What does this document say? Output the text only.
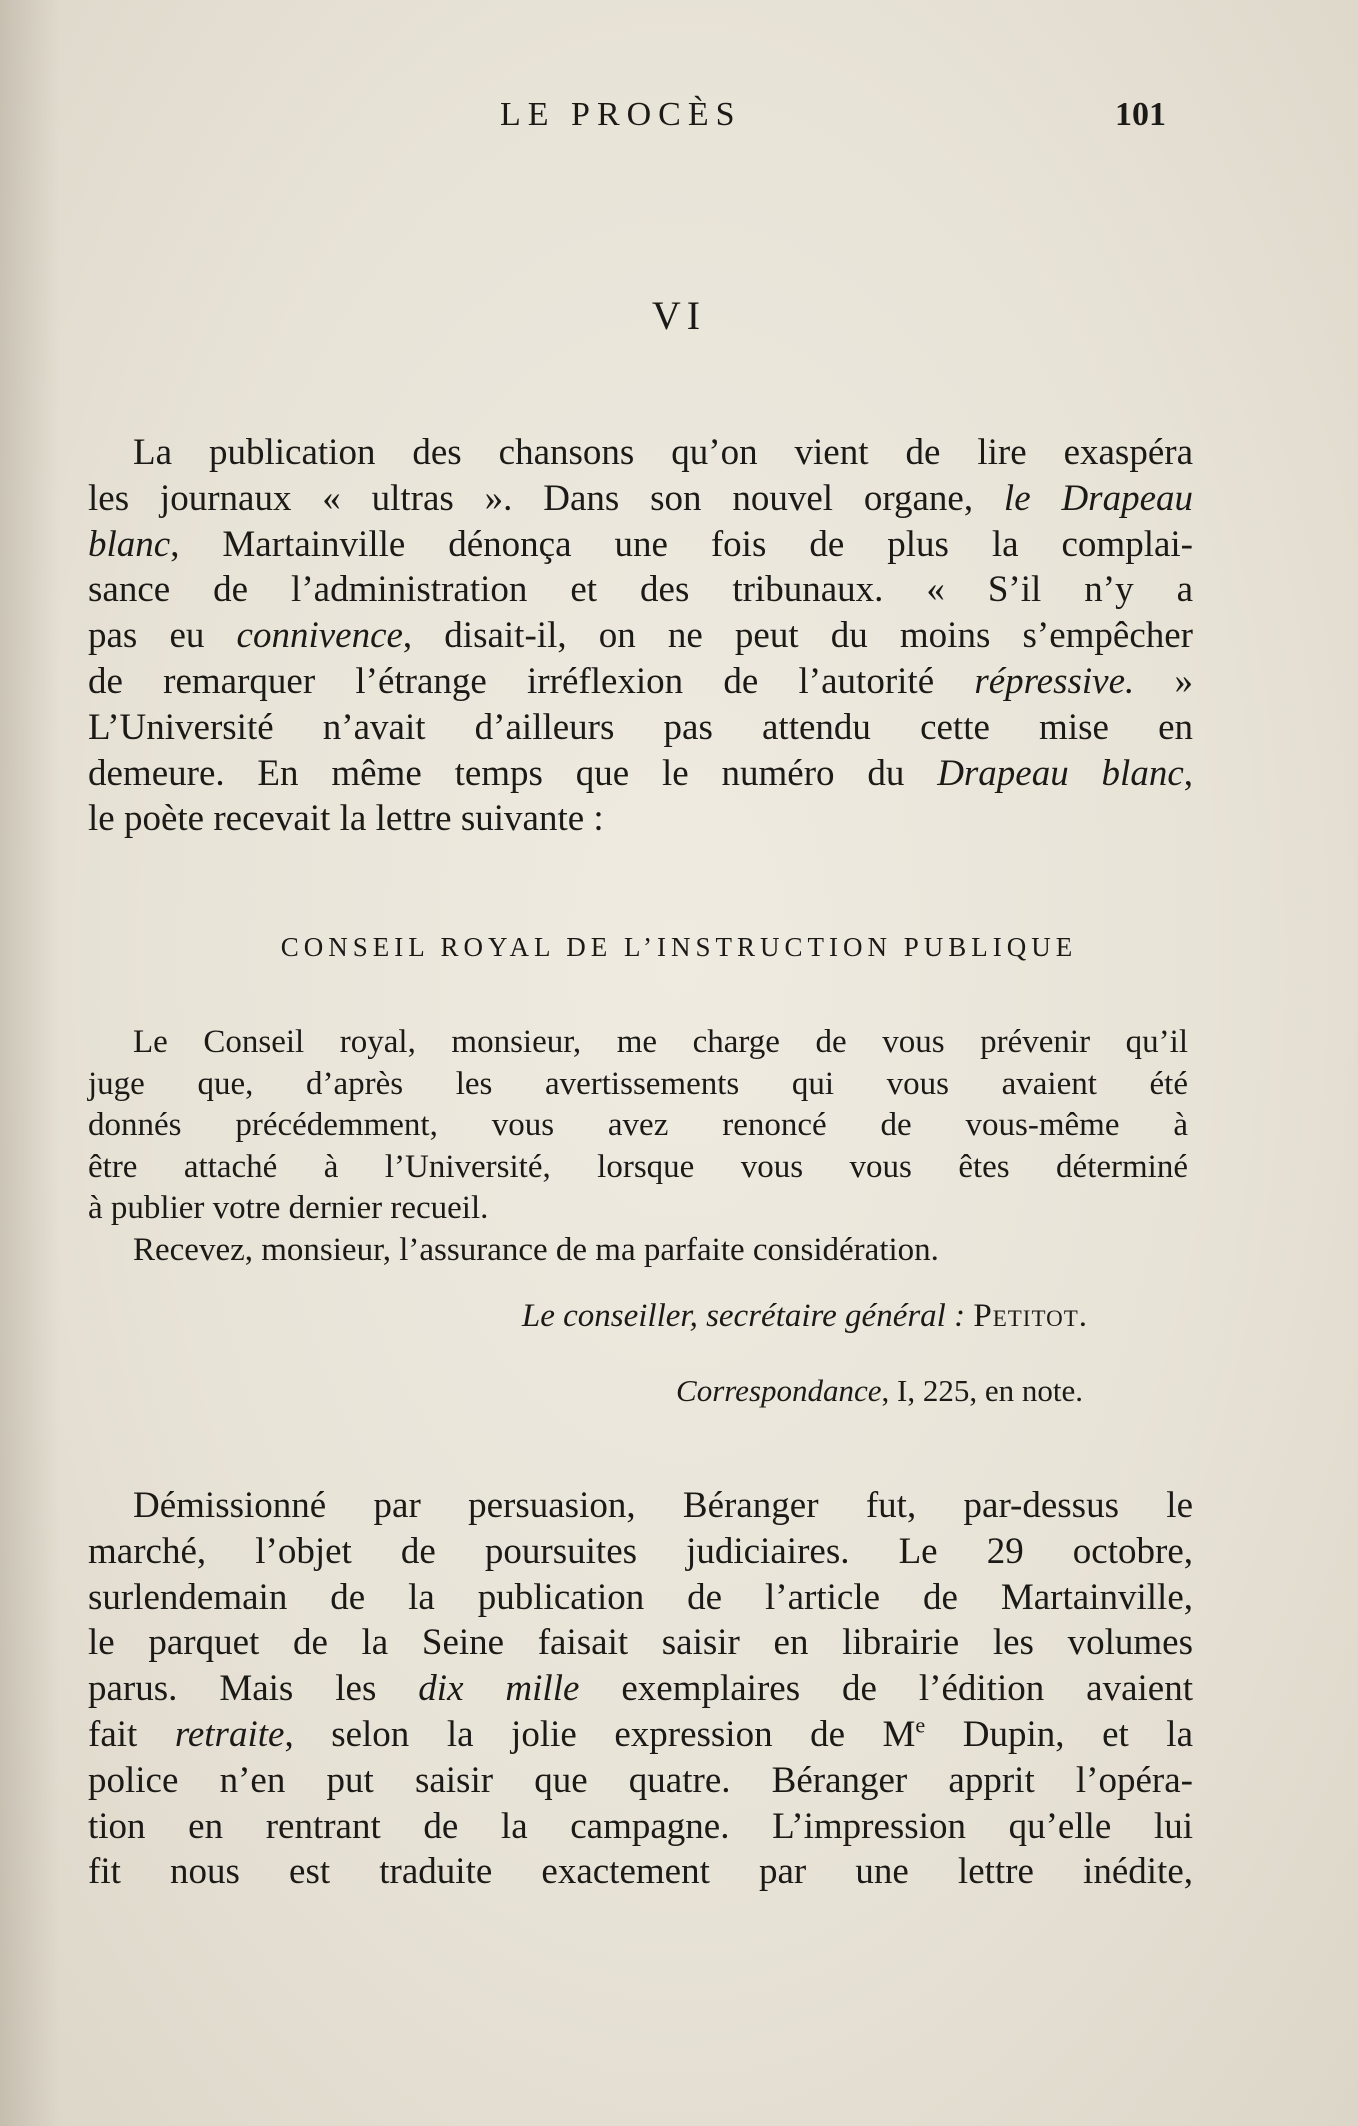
LE PROCÈS	101
VI
La publication des chansons qu’on vient de lire exaspéra
les journaux « ultras ». Dans son nouvel organe, le Drapeau
blanc, Martainville dénonça une fois de plus la complai-
sance de l’administration et des tribunaux. « S’il n’y a
pas eu connivence, disait-il, on ne peut du moins s’empêcher
de remarquer l’étrange irréflexion de l’autorité répressive. »
L’Université n’avait d’ailleurs pas attendu cette mise en
demeure. En même temps que le numéro du Drapeau blanc,
le poète recevait la lettre suivante :
CONSEIL ROYAL DE L’INSTRUCTION PUBLIQUE
Le Conseil royal, monsieur, me charge de vous prévenir qu’il
juge que, d’après les avertissements qui vous avaient été
donnés précédemment, vous avez renoncé de vous-même à
être attaché à l’Université, lorsque vous vous êtes déterminé
à publier votre dernier recueil.
Recevez, monsieur, l’assurance de ma parfaite considération.
Le conseiller, secrétaire général : Petitot.
Correspondance, I, 225, en note.
Démissionné par persuasion, Béranger fut, par-dessus le
marché, l’objet de poursuites judiciaires. Le 29 octobre,
surlendemain de la publication de l’article de Martainville,
le parquet de la Seine faisait saisir en librairie les volumes
parus. Mais les dix mille exemplaires de l’édition avaient
fait retraite, selon la jolie expression de Me Dupin, et la
police n’en put saisir que quatre. Béranger apprit l’opéra-
tion en rentrant de la campagne. L’impression qu’elle lui
fit nous est traduite exactement par une lettre inédite,
